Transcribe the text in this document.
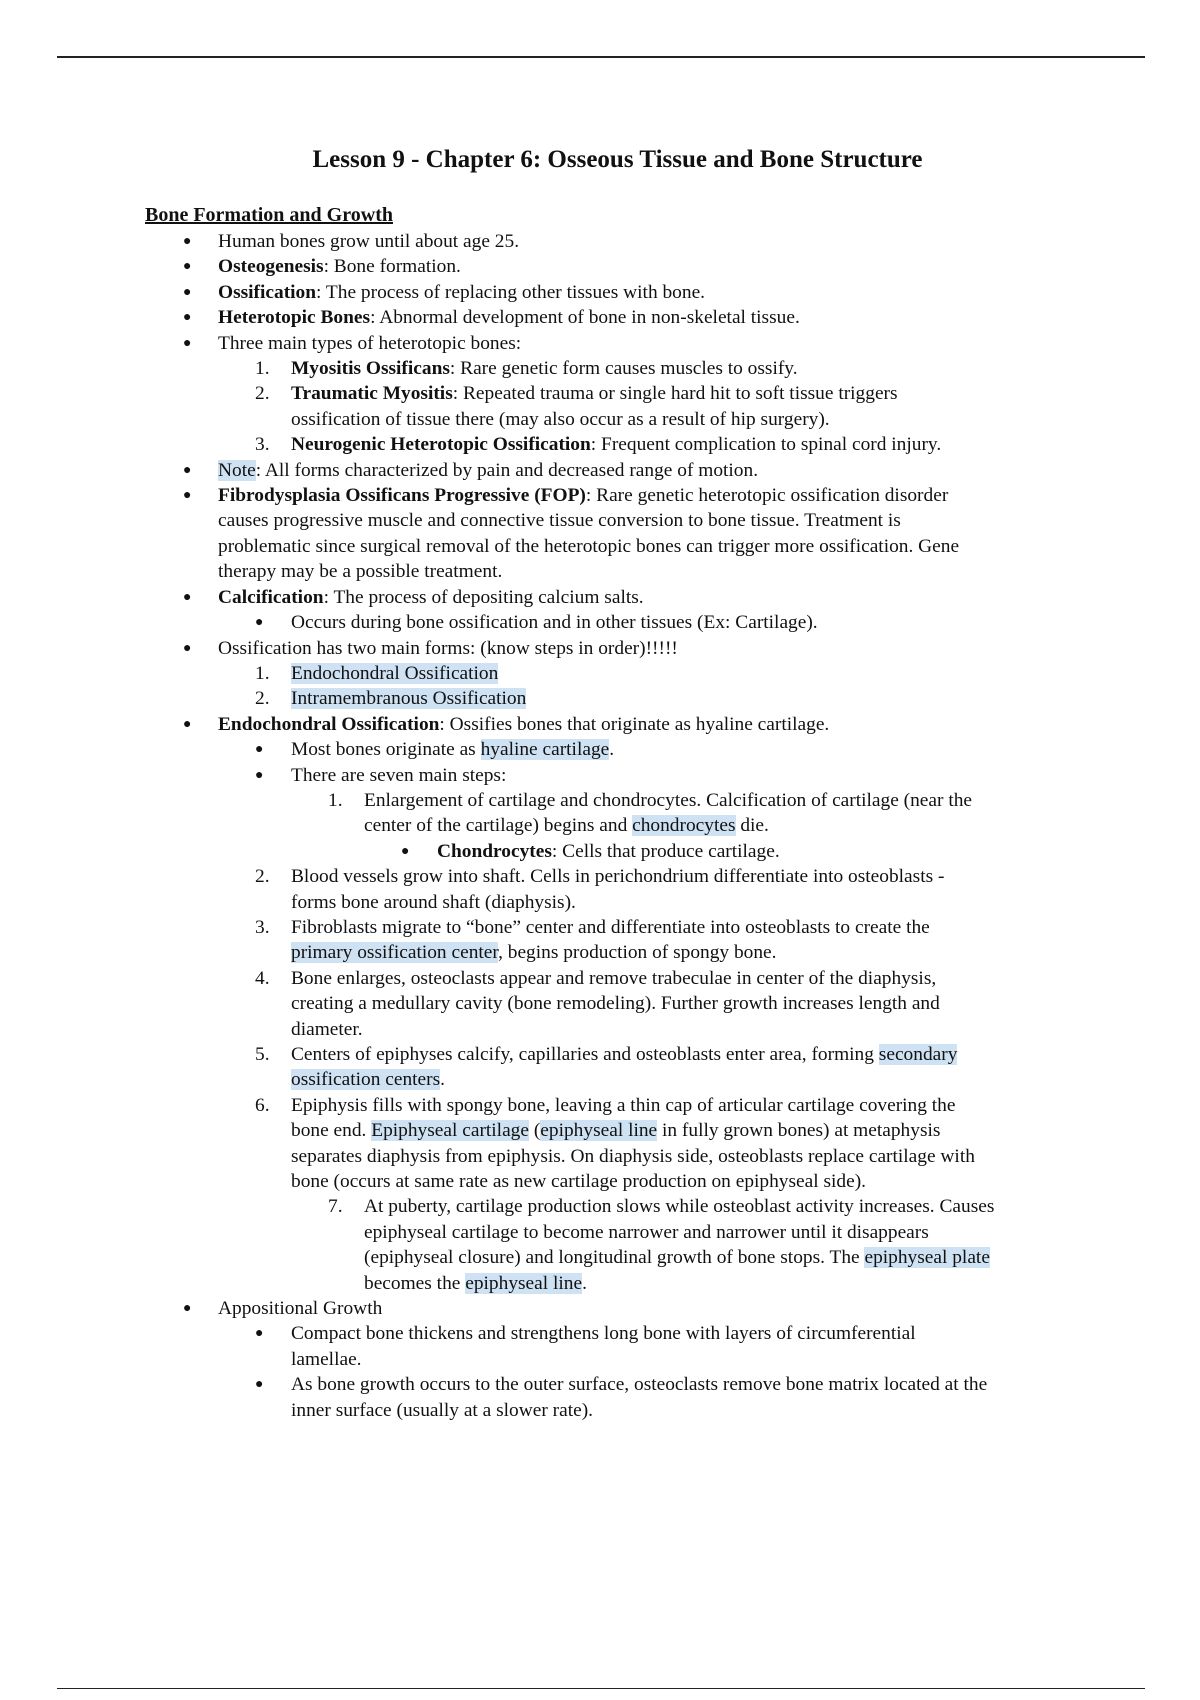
Lesson 9 - Chapter 6: Osseous Tissue and Bone Structure
Bone Formation and Growth
● Human bones grow until about age 25.
● Osteogenesis: Bone formation.
● Ossification: The process of replacing other tissues with bone.
● Heterotopic Bones: Abnormal development of bone in non-skeletal tissue.
● Three main types of heterotopic bones:
1. Myositis Ossificans: Rare genetic form causes muscles to ossify.
2. Traumatic Myositis: Repeated trauma or single hard hit to soft tissue triggers
ossification of tissue there (may also occur as a result of hip surgery).
3. Neurogenic Heterotopic Ossification: Frequent complication to spinal cord injury.
● Note: All forms characterized by pain and decreased range of motion.
● Fibrodysplasia Ossificans Progressive (FOP): Rare genetic heterotopic ossification disorder
causes progressive muscle and connective tissue conversion to bone tissue. Treatment is
problematic since surgical removal of the heterotopic bones can trigger more ossification. Gene
therapy may be a possible treatment.
● Calcification: The process of depositing calcium salts.
● Occurs during bone ossification and in other tissues (Ex: Cartilage).
● Ossification has two main forms: (know steps in order)!!!!!
1. Endochondral Ossification
2. Intramembranous Ossification
● Endochondral Ossification: Ossifies bones that originate as hyaline cartilage.
● Most bones originate as hyaline cartilage.
● There are seven main steps:
1. Enlargement of cartilage and chondrocytes. Calcification of cartilage (near the
center of the cartilage) begins and chondrocytes die.
● Chondrocytes: Cells that produce cartilage.
2. Blood vessels grow into shaft. Cells in perichondrium differentiate into osteoblasts -
forms bone around shaft (diaphysis).
3. Fibroblasts migrate to “bone” center and differentiate into osteoblasts to create the
primary ossification center, begins production of spongy bone.
4. Bone enlarges, osteoclasts appear and remove trabeculae in center of the diaphysis,
creating a medullary cavity (bone remodeling). Further growth increases length and
diameter.
5. Centers of epiphyses calcify, capillaries and osteoblasts enter area, forming secondary
ossification centers.
6. Epiphysis fills with spongy bone, leaving a thin cap of articular cartilage covering the
bone end. Epiphyseal cartilage (epiphyseal line in fully grown bones) at metaphysis
separates diaphysis from epiphysis. On diaphysis side, osteoblasts replace cartilage with
bone (occurs at same rate as new cartilage production on epiphyseal side).
7. At puberty, cartilage production slows while osteoblast activity increases. Causes
epiphyseal cartilage to become narrower and narrower until it disappears
(epiphyseal closure) and longitudinal growth of bone stops. The epiphyseal plate
becomes the epiphyseal line.
● Appositional Growth
● Compact bone thickens and strengthens long bone with layers of circumferential
lamellae.
● As bone growth occurs to the outer surface, osteoclasts remove bone matrix located at the
inner surface (usually at a slower rate).
